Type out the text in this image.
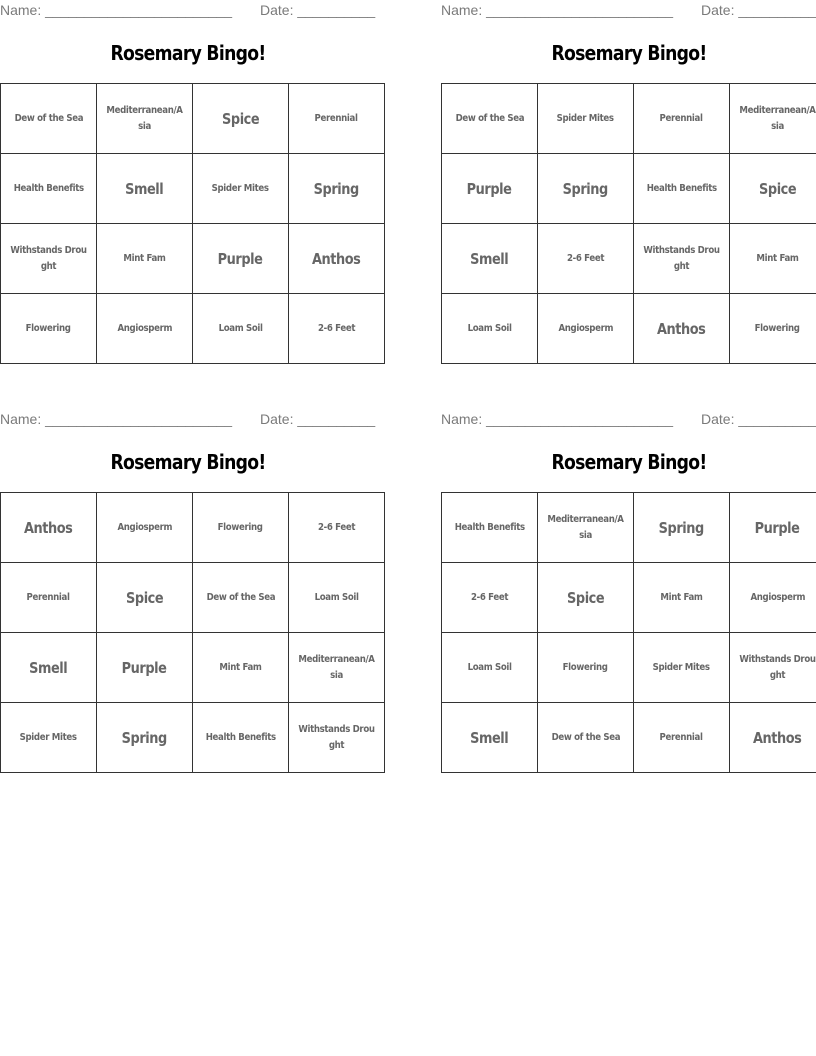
Name: ________________________ Date: __________
Rosemary Bingo!
Dew of the Sea	Mediterranean/Asia	Spice	Perennial
Health Benefits	Smell	Spider Mites	Spring
Withstands Drought	Mint Fam	Purple	Anthos
Flowering	Angiosperm	Loam Soil	2-6 Feet
Name: ________________________ Date: __________
Rosemary Bingo!
Dew of the Sea	Spider Mites	Perennial	Mediterranean/Asia
Purple	Spring	Health Benefits	Spice
Smell	2-6 Feet	Withstands Drought	Mint Fam
Loam Soil	Angiosperm	Anthos	Flowering
Name: ________________________ Date: __________
Rosemary Bingo!
Anthos	Angiosperm	Flowering	2-6 Feet
Perennial	Spice	Dew of the Sea	Loam Soil
Smell	Purple	Mint Fam	Mediterranean/Asia
Spider Mites	Spring	Health Benefits	Withstands Drought
Name: ________________________ Date: __________
Rosemary Bingo!
Health Benefits	Mediterranean/Asia	Spring	Purple
2-6 Feet	Spice	Mint Fam	Angiosperm
Loam Soil	Flowering	Spider Mites	Withstands Drought
Smell	Dew of the Sea	Perennial	Anthos
